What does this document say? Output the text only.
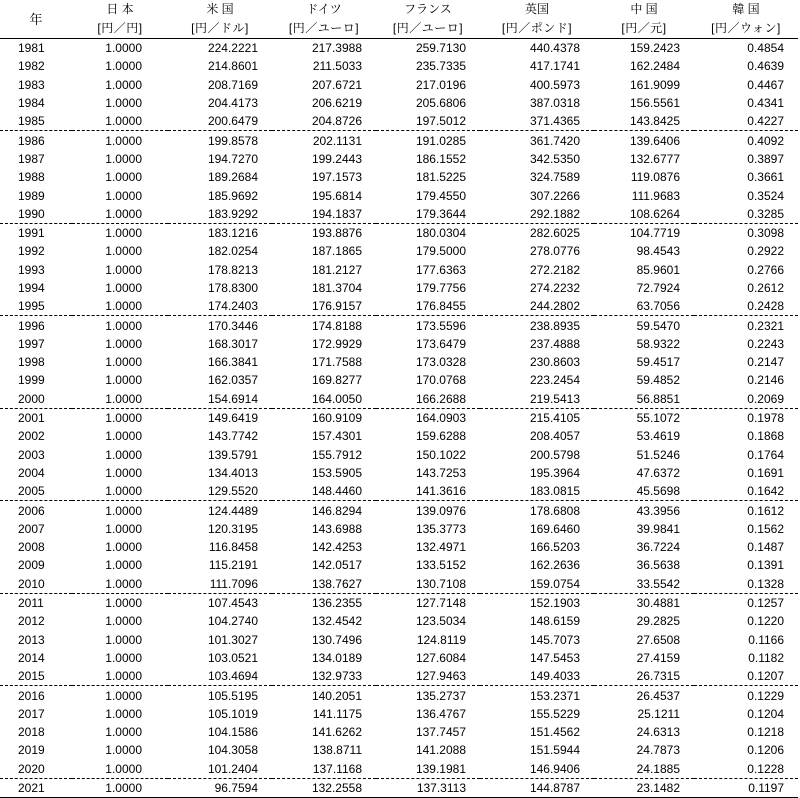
年	日 本	米 国	ドイツ	フランス	英国	中 国	韓 国
	[円／円]	[円／ドル]	[円／ユーロ]	[円／ユーロ]	[円／ポンド]	[円／元]	[円／ウォン]
1981	1.0000	224.2221	217.3988	259.7130	440.4378	159.2423	0.4854
1982	1.0000	214.8601	211.5033	235.7335	417.1741	162.2484	0.4639
1983	1.0000	208.7169	207.6721	217.0196	400.5973	161.9099	0.4467
1984	1.0000	204.4173	206.6219	205.6806	387.0318	156.5561	0.4341
1985	1.0000	200.6479	204.8726	197.5012	371.4365	143.8425	0.4227
1986	1.0000	199.8578	202.1131	191.0285	361.7420	139.6406	0.4092
1987	1.0000	194.7270	199.2443	186.1552	342.5350	132.6777	0.3897
1988	1.0000	189.2684	197.1573	181.5225	324.7589	119.0876	0.3661
1989	1.0000	185.9692	195.6814	179.4550	307.2266	111.9683	0.3524
1990	1.0000	183.9292	194.1837	179.3644	292.1882	108.6264	0.3285
1991	1.0000	183.1216	193.8876	180.0304	282.6025	104.7719	0.3098
1992	1.0000	182.0254	187.1865	179.5000	278.0776	98.4543	0.2922
1993	1.0000	178.8213	181.2127	177.6363	272.2182	85.9601	0.2766
1994	1.0000	178.8300	181.3704	179.7756	274.2232	72.7924	0.2612
1995	1.0000	174.2403	176.9157	176.8455	244.2802	63.7056	0.2428
1996	1.0000	170.3446	174.8188	173.5596	238.8935	59.5470	0.2321
1997	1.0000	168.3017	172.9929	173.6479	237.4888	58.9322	0.2243
1998	1.0000	166.3841	171.7588	173.0328	230.8603	59.4517	0.2147
1999	1.0000	162.0357	169.8277	170.0768	223.2454	59.4852	0.2146
2000	1.0000	154.6914	164.0050	166.2688	219.5413	56.8851	0.2069
2001	1.0000	149.6419	160.9109	164.0903	215.4105	55.1072	0.1978
2002	1.0000	143.7742	157.4301	159.6288	208.4057	53.4619	0.1868
2003	1.0000	139.5791	155.7912	150.1022	200.5798	51.5246	0.1764
2004	1.0000	134.4013	153.5905	143.7253	195.3964	47.6372	0.1691
2005	1.0000	129.5520	148.4460	141.3616	183.0815	45.5698	0.1642
2006	1.0000	124.4489	146.8294	139.0976	178.6808	43.3956	0.1612
2007	1.0000	120.3195	143.6988	135.3773	169.6460	39.9841	0.1562
2008	1.0000	116.8458	142.4253	132.4971	166.5203	36.7224	0.1487
2009	1.0000	115.2191	142.0517	133.5152	162.2636	36.5638	0.1391
2010	1.0000	111.7096	138.7627	130.7108	159.0754	33.5542	0.1328
2011	1.0000	107.4543	136.2355	127.7148	152.1903	30.4881	0.1257
2012	1.0000	104.2740	132.4542	123.5034	148.6159	29.2825	0.1220
2013	1.0000	101.3027	130.7496	124.8119	145.7073	27.6508	0.1166
2014	1.0000	103.0521	134.0189	127.6084	147.5453	27.4159	0.1182
2015	1.0000	103.4694	132.9733	127.9463	149.4033	26.7315	0.1207
2016	1.0000	105.5195	140.2051	135.2737	153.2371	26.4537	0.1229
2017	1.0000	105.1019	141.1175	136.4767	155.5229	25.1211	0.1204
2018	1.0000	104.1586	141.6262	137.7457	151.4562	24.6313	0.1218
2019	1.0000	104.3058	138.8711	141.2088	151.5944	24.7873	0.1206
2020	1.0000	101.2404	137.1168	139.1981	146.9406	24.1885	0.1228
2021	1.0000	96.7594	132.2558	137.3113	144.8787	23.1482	0.1197
